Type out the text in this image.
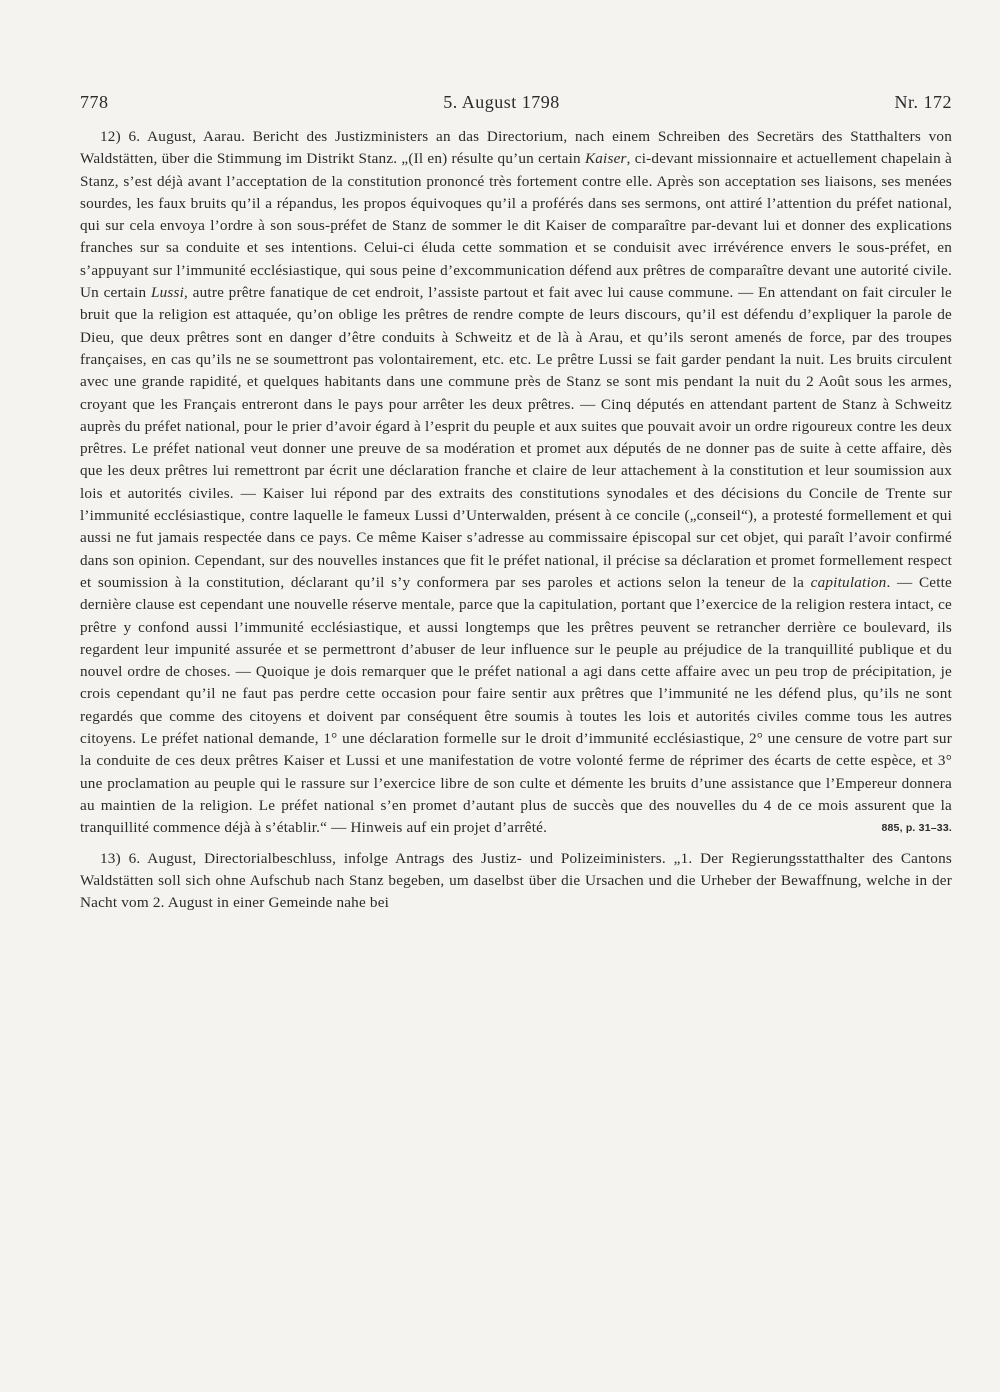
778	5. August 1798	Nr. 172

12) 6. August, Aarau. Bericht des Justizministers an das Directorium, nach einem Schreiben des Secretärs des Statthalters von Waldstätten, über die Stimmung im Distrikt Stanz. „(Il en) résulte qu’un certain Kaiser, ci-devant missionnaire et actuellement chapelain à Stanz, s’est déjà avant l’acceptation de la constitution prononcé très fortement contre elle. Après son acceptation ses liaisons, ses menées sourdes, les faux bruits qu’il a répandus, les propos équivoques qu’il a proférés dans ses sermons, ont attiré l’attention du préfet national, qui sur cela envoya l’ordre à son sous-préfet de Stanz de sommer le dit Kaiser de comparaître par-devant lui et donner des explications franches sur sa conduite et ses intentions. Celui-ci éluda cette sommation et se conduisit avec irrévérence envers le sous-préfet, en s’appuyant sur l’immunité ecclésiastique, qui sous peine d’excommunication défend aux prêtres de comparaître devant une autorité civile. Un certain Lussi, autre prêtre fanatique de cet endroit, l’assiste partout et fait avec lui cause commune. — En attendant on fait circuler le bruit que la religion est attaquée, qu’on oblige les prêtres de rendre compte de leurs discours, qu’il est défendu d’expliquer la parole de Dieu, que deux prêtres sont en danger d’être conduits à Schweitz et de là à Arau, et qu’ils seront amenés de force, par des troupes françaises, en cas qu’ils ne se soumettront pas volontairement, etc. etc. Le prêtre Lussi se fait garder pendant la nuit. Les bruits circulent avec une grande rapidité, et quelques habitants dans une commune près de Stanz se sont mis pendant la nuit du 2 Août sous les armes, croyant que les Français entreront dans le pays pour arrêter les deux prêtres. — Cinq députés en attendant partent de Stanz à Schweitz auprès du préfet national, pour le prier d’avoir égard à l’esprit du peuple et aux suites que pouvait avoir un ordre rigoureux contre les deux prêtres. Le préfet national veut donner une preuve de sa modération et promet aux députés de ne donner pas de suite à cette affaire, dès que les deux prêtres lui remettront par écrit une déclaration franche et claire de leur attachement à la constitution et leur soumission aux lois et autorités civiles. — Kaiser lui répond par des extraits des constitutions synodales et des décisions du Concile de Trente sur l’immunité ecclésiastique, contre laquelle le fameux Lussi d’Unterwalden, présent à ce concile („conseil“), a protesté formellement et qui aussi ne fut jamais respectée dans ce pays. Ce même Kaiser s’adresse au commissaire épiscopal sur cet objet, qui paraît l’avoir confirmé dans son opinion. Cependant, sur des nouvelles instances que fit le préfet national, il précise sa déclaration et promet formellement respect et soumission à la constitution, déclarant qu’il s’y conformera par ses paroles et actions selon la teneur de la capitulation. — Cette dernière clause est cependant une nouvelle réserve mentale, parce que la capitulation, portant que l’exercice de la religion restera intact, ce prêtre y confond aussi l’immunité ecclésiastique, et aussi longtemps que les prêtres peuvent se retrancher derrière ce boulevard, ils regardent leur impunité assurée et se permettront d’abuser de leur influence sur le peuple au préjudice de la tranquillité publique et du nouvel ordre de choses. — Quoique je dois remarquer que le préfet national a agi dans cette affaire avec un peu trop de précipitation, je crois cependant qu’il ne faut pas perdre cette occasion pour faire sentir aux prêtres que l’immunité ne les défend plus, qu’ils ne sont regardés que comme des citoyens et doivent par conséquent être soumis à toutes les lois et autorités civiles comme tous les autres citoyens. Le préfet national demande, 1° une déclaration formelle sur le droit d’immunité ecclésiastique, 2° une censure de votre part sur la conduite de ces deux prêtres Kaiser et Lussi et une manifestation de votre volonté ferme de réprimer des écarts de cette espèce, et 3° une proclamation au peuple qui le rassure sur l’exercice libre de son culte et démente les bruits d’une assistance que l’Empereur donnera au maintien de la religion. Le préfet national s’en promet d’autant plus de succès que des nouvelles du 4 de ce mois assurent que la tranquillité commence déjà à s’établir.“ — Hinweis auf ein projet d’arrêté.	885, p. 31–33.

13) 6. August, Directorialbeschluss, infolge Antrags des Justiz- und Polizeiministers. „1. Der Regierungsstatthalter des Cantons Waldstätten soll sich ohne Aufschub nach Stanz begeben, um daselbst über die Ursachen und die Urheber der Bewaffnung, welche in der Nacht vom 2. August in einer Gemeinde nahe bei
